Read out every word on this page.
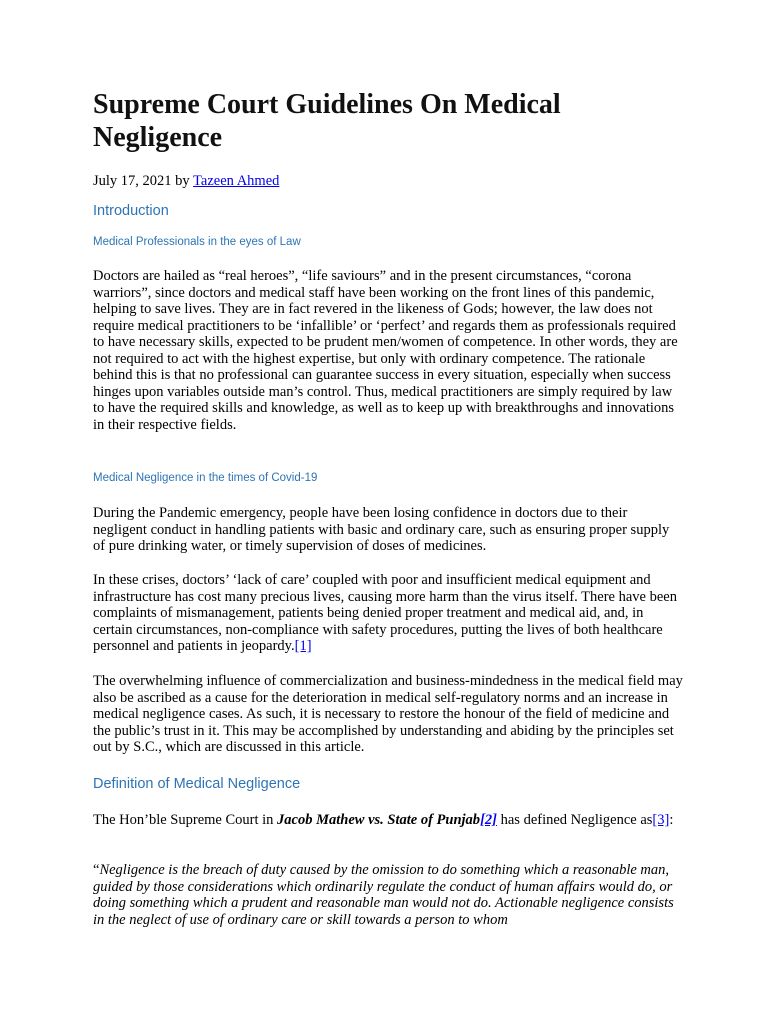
Supreme Court Guidelines On Medical Negligence
July 17, 2021 by Tazeen Ahmed
Introduction
Medical Professionals in the eyes of Law

Doctors are hailed as “real heroes”, “life saviours” and in the present circumstances, “corona warriors”, since doctors and medical staff have been working on the front lines of this pandemic, helping to save lives. They are in fact revered in the likeness of Gods; however, the law does not require medical practitioners to be ‘infallible’ or ‘perfect’ and regards them as professionals required to have necessary skills, expected to be prudent men/women of competence. In other words, they are not required to act with the highest expertise, but only with ordinary competence. The rationale behind this is that no professional can guarantee success in every situation, especially when success hinges upon variables outside man’s control. Thus, medical practitioners are simply required by law to have the required skills and knowledge, as well as to keep up with breakthroughs and innovations in their respective fields.

Medical Negligence in the times of Covid-19

During the Pandemic emergency, people have been losing confidence in doctors due to their negligent conduct in handling patients with basic and ordinary care, such as ensuring proper supply of pure drinking water, or timely supervision of doses of medicines.

In these crises, doctors’ ‘lack of care’ coupled with poor and insufficient medical equipment and infrastructure has cost many precious lives, causing more harm than the virus itself. There have been complaints of mismanagement, patients being denied proper treatment and medical aid, and, in certain circumstances, non-compliance with safety procedures, putting the lives of both healthcare personnel and patients in jeopardy.[1]

The overwhelming influence of commercialization and business-mindedness in the medical field may also be ascribed as a cause for the deterioration in medical self-regulatory norms and an increase in medical negligence cases. As such, it is necessary to restore the honour of the field of medicine and the public’s trust in it. This may be accomplished by understanding and abiding by the principles set out by S.C., which are discussed in this article.

Definition of Medical Negligence

The Hon’ble Supreme Court in Jacob Mathew vs. State of Punjab[2] has defined Negligence as[3]:

“Negligence is the breach of duty caused by the omission to do something which a reasonable man, guided by those considerations which ordinarily regulate the conduct of human affairs would do, or doing something which a prudent and reasonable man would not do. Actionable negligence consists in the neglect of use of ordinary care or skill towards a person to whom
